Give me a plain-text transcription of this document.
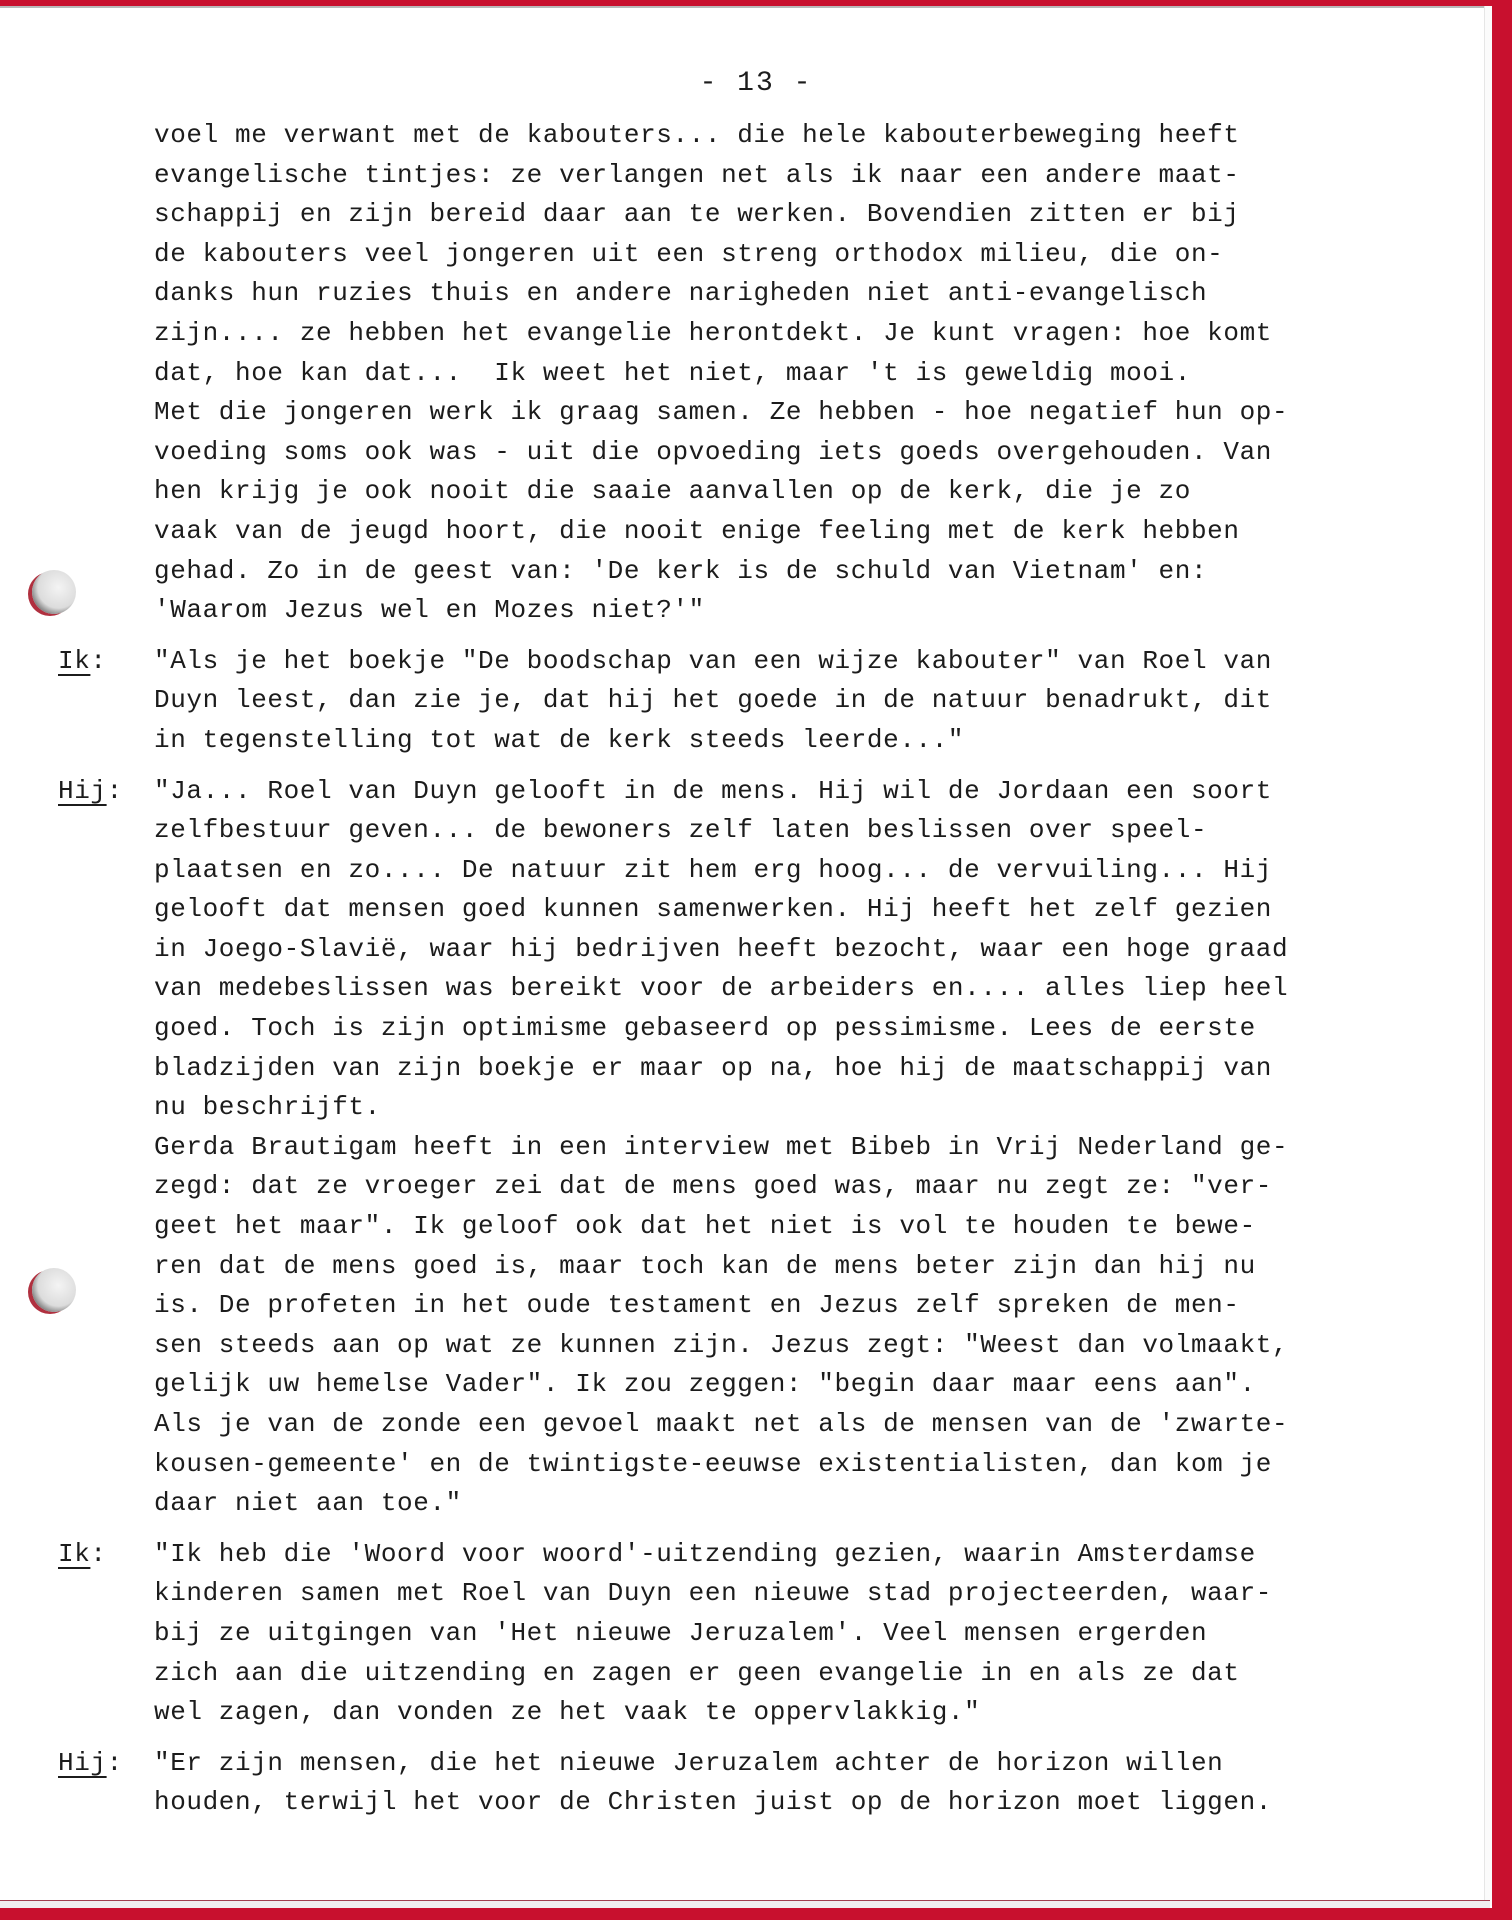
- 13 -
voel me verwant met de kabouters... die hele kabouterbeweging heeft
evangelische tintjes: ze verlangen net als ik naar een andere maat-
schappij en zijn bereid daar aan te werken. Bovendien zitten er bij
de kabouters veel jongeren uit een streng orthodox milieu, die on-
danks hun ruzies thuis en andere narigheden niet anti-evangelisch
zijn.... ze hebben het evangelie herontdekt. Je kunt vragen: hoe komt
dat, hoe kan dat...  Ik weet het niet, maar 't is geweldig mooi.
Met die jongeren werk ik graag samen. Ze hebben - hoe negatief hun op-
voeding soms ook was - uit die opvoeding iets goeds overgehouden. Van
hen krijg je ook nooit die saaie aanvallen op de kerk, die je zo
vaak van de jeugd hoort, die nooit enige feeling met de kerk hebben
gehad. Zo in de geest van: 'De kerk is de schuld van Vietnam' en:
'Waarom Jezus wel en Mozes niet?'"
Ik: "Als je het boekje "De boodschap van een wijze kabouter" van Roel van
Duyn leest, dan zie je, dat hij het goede in de natuur benadrukt, dit
in tegenstelling tot wat de kerk steeds leerde..."
Hij: "Ja... Roel van Duyn gelooft in de mens. Hij wil de Jordaan een soort
zelfbestuur geven... de bewoners zelf laten beslissen over speel-
plaatsen en zo.... De natuur zit hem erg hoog... de vervuiling... Hij
gelooft dat mensen goed kunnen samenwerken. Hij heeft het zelf gezien
in Joego-Slavië, waar hij bedrijven heeft bezocht, waar een hoge graad
van medebeslissen was bereikt voor de arbeiders en.... alles liep heel
goed. Toch is zijn optimisme gebaseerd op pessimisme. Lees de eerste
bladzijden van zijn boekje er maar op na, hoe hij de maatschappij van
nu beschrijft.
Gerda Brautigam heeft in een interview met Bibeb in Vrij Nederland ge-
zegd: dat ze vroeger zei dat de mens goed was, maar nu zegt ze: "ver-
geet het maar". Ik geloof ook dat het niet is vol te houden te bewe-
ren dat de mens goed is, maar toch kan de mens beter zijn dan hij nu
is. De profeten in het oude testament en Jezus zelf spreken de men-
sen steeds aan op wat ze kunnen zijn. Jezus zegt: "Weest dan volmaakt,
gelijk uw hemelse Vader". Ik zou zeggen: "begin daar maar eens aan".
Als je van de zonde een gevoel maakt net als de mensen van de 'zwarte-
kousen-gemeente' en de twintigste-eeuwse existentialisten, dan kom je
daar niet aan toe."
Ik: "Ik heb die 'Woord voor woord'-uitzending gezien, waarin Amsterdamse
kinderen samen met Roel van Duyn een nieuwe stad projecteerden, waar-
bij ze uitgingen van 'Het nieuwe Jeruzalem'. Veel mensen ergerden
zich aan die uitzending en zagen er geen evangelie in en als ze dat
wel zagen, dan vonden ze het vaak te oppervlakkig."
Hij: "Er zijn mensen, die het nieuwe Jeruzalem achter de horizon willen
houden, terwijl het voor de Christen juist op de horizon moet liggen.
